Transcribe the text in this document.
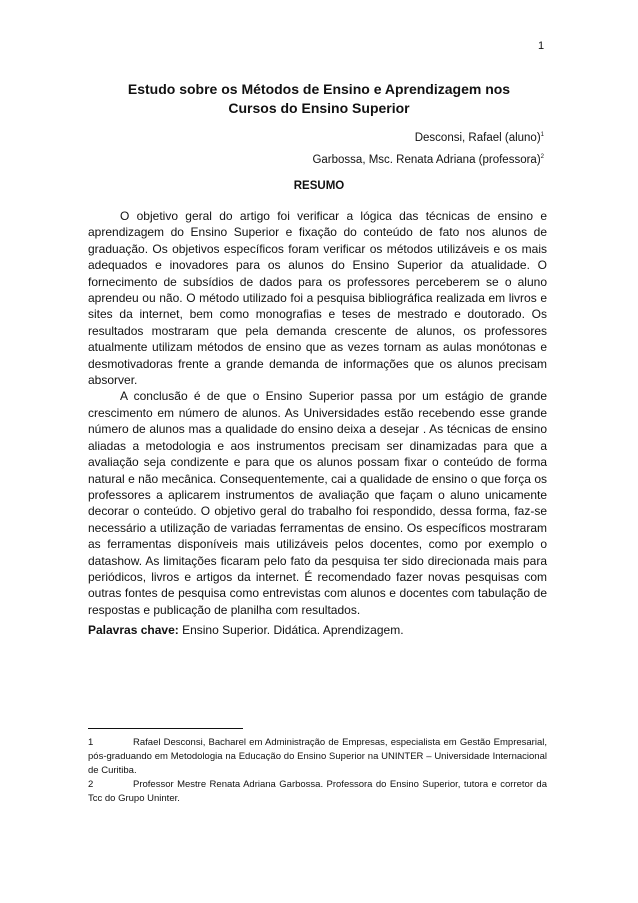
1
Estudo sobre os Métodos de Ensino e Aprendizagem nos
Cursos do Ensino Superior
Desconsi, Rafael (aluno)$^1$
Garbossa, Msc. Renata Adriana (professora)$^2$
RESUMO

O objetivo geral do artigo foi verificar a lógica das técnicas de ensino e aprendizagem do Ensino Superior e fixação do conteúdo de fato nos alunos de graduação. Os objetivos específicos foram verificar os métodos utilizáveis e os mais adequados e inovadores para os alunos do Ensino Superior da atualidade. O fornecimento de subsídios de dados para os professores perceberem se o aluno aprendeu ou não. O método utilizado foi a pesquisa bibliográfica realizada em livros e sites da internet, bem como monografias e teses de mestrado e doutorado. Os resultados mostraram que pela demanda crescente de alunos, os professores atualmente utilizam métodos de ensino que as vezes tornam as aulas monótonas e desmotivadoras frente a grande demanda de informações que os alunos precisam absorver.

A conclusão é de que o Ensino Superior passa por um estágio de grande crescimento em número de alunos. As Universidades estão recebendo esse grande número de alunos mas a qualidade do ensino deixa a desejar . As técnicas de ensino aliadas a metodologia e aos instrumentos precisam ser dinamizadas para que a avaliação seja condizente e para que os alunos possam fixar o conteúdo de forma natural e não mecânica. Consequentemente, cai a qualidade de ensino o que força os professores a aplicarem instrumentos de avaliação que façam o aluno unicamente decorar o conteúdo. O objetivo geral do trabalho foi respondido, dessa forma, faz-se necessário a utilização de variadas ferramentas de ensino. Os específicos mostraram as ferramentas disponíveis mais utilizáveis pelos docentes, como por exemplo o datashow. As limitações ficaram pelo fato da pesquisa ter sido direcionada mais para periódicos, livros e artigos da internet. É recomendado fazer novas pesquisas com outras fontes de pesquisa como entrevistas com alunos e docentes com tabulação de respostas e publicação de planilha com resultados.

Palavras chave: Ensino Superior. Didática. Aprendizagem.

1	Rafael Desconsi, Bacharel em Administração de Empresas, especialista em Gestão Empresarial, pós-graduando em Metodologia na Educação do Ensino Superior na UNINTER – Universidade Internacional de Curitiba.

2	Professor Mestre Renata Adriana Garbossa. Professora do Ensino Superior, tutora e corretor da Tcc do Grupo Uninter.
